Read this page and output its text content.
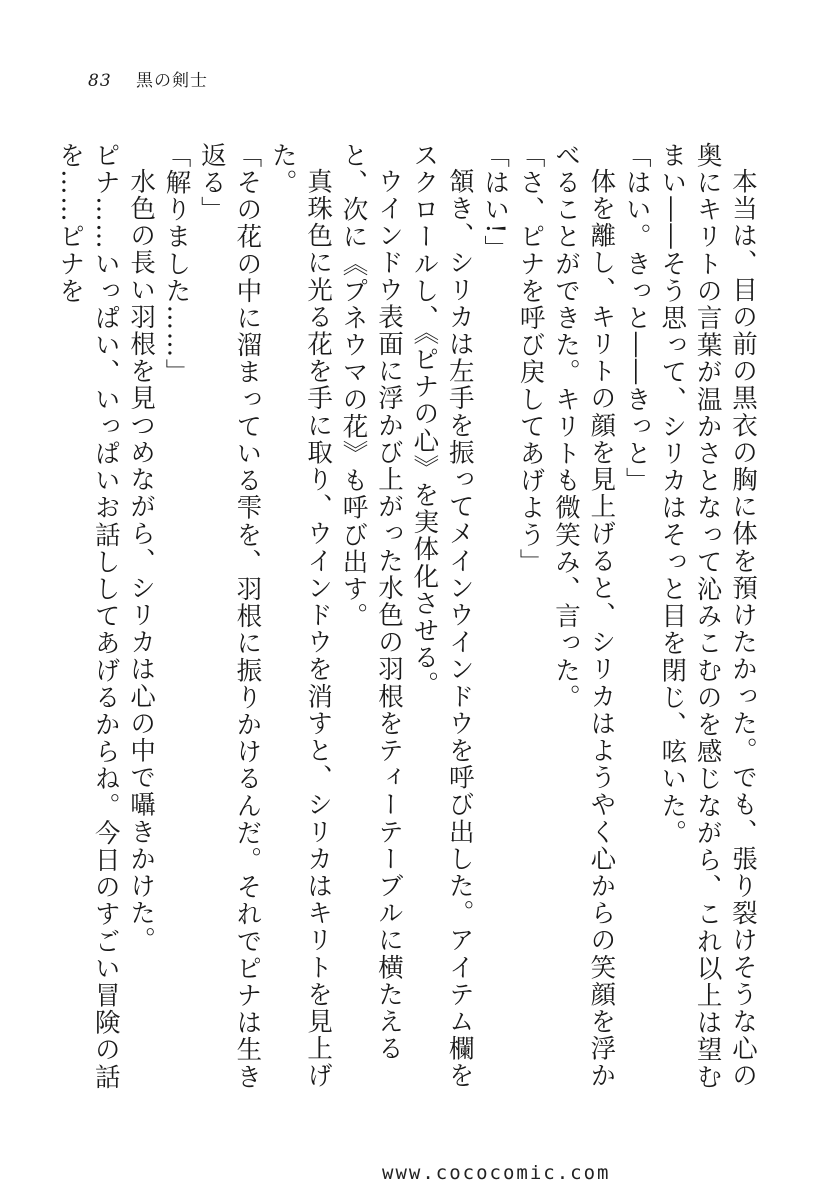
83 黒の剣士

本当は、目の前の黒衣の胸に体を預けたかった。でも、張り裂けそうな心の奥にキリトの言葉が温かさとなって沁みこむのを感じながら、これ以上は望むまい――そう思って、シリカはそっと目を閉じ、呟いた。

「はい。きっと――きっと」

体を離し、キリトの顔を見上げると、シリカはようやく心からの笑顔を浮かべることができた。キリトも微笑み、言った。

「さ、ピナを呼び戻してあげよう」

「はい!」

頷き、シリカは左手を振ってメインウインドウを呼び出した。アイテム欄をスクロールし、《ピナの心》を実体化させる。

ウインドウ表面に浮かび上がった水色の羽根をティーテーブルに横たえると、次に《プネウマの花》も呼び出す。

真珠色に光る花を手に取り、ウインドウを消すと、シリカはキリトを見上げた。

「その花の中に溜まっている雫を、羽根に振りかけるんだ。それでピナは生き返る」

「解りました……」

水色の長い羽根を見つめながら、シリカは心の中で囁きかけた。

ピナ……いっぱい、いっぱいお話ししてあげるからね。今日のすごい冒険の話を……ピナを

www.cococomic.com
